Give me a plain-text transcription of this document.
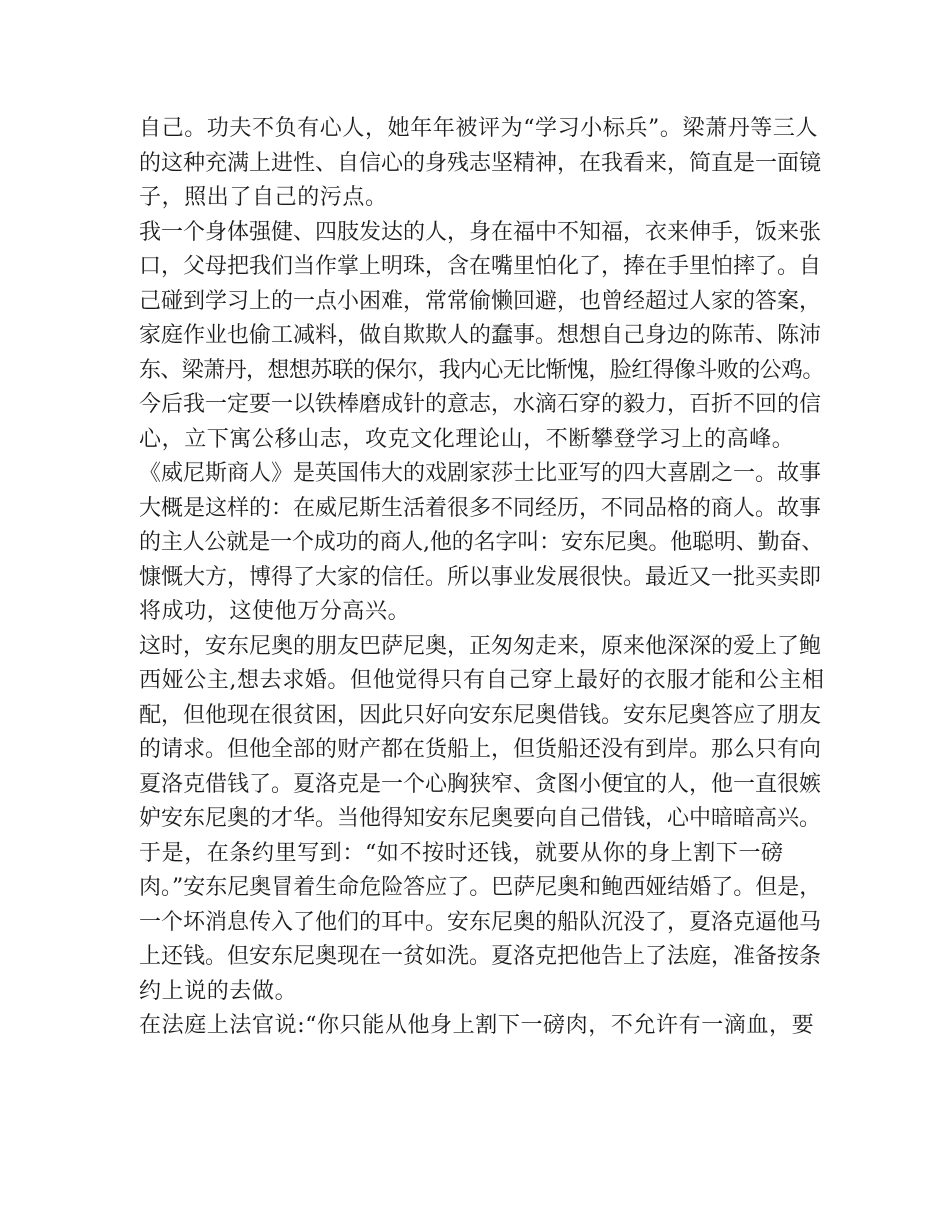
自己。功夫不负有心人，她年年被评为“学习小标兵”。梁萧丹等三人
的这种充满上进性、自信心的身残志坚精神，在我看来，简直是一面镜
子，照出了自己的污点。

我一个身体强健、四肢发达的人，身在福中不知福，衣来伸手，饭来张
口，父母把我们当作掌上明珠，含在嘴里怕化了，捧在手里怕摔了。自
己碰到学习上的一点小困难，常常偷懒回避，也曾经超过人家的答案，
家庭作业也偷工减料，做自欺欺人的蠢事。想想自己身边的陈芾、陈沛
东、梁萧丹，想想苏联的保尔，我内心无比惭愧，脸红得像斗败的公鸡。
今后我一定要一以铁棒磨成针的意志，水滴石穿的毅力，百折不回的信
心，立下寓公移山志，攻克文化理论山，不断攀登学习上的高峰。

《威尼斯商人》是英国伟大的戏剧家莎士比亚写的四大喜剧之一。故事
大概是这样的：在威尼斯生活着很多不同经历，不同品格的商人。故事
的主人公就是一个成功的商人,他的名字叫：安东尼奥。他聪明、勤奋、
慷慨大方，博得了大家的信任。所以事业发展很快。最近又一批买卖即
将成功，这使他万分高兴。

这时，安东尼奥的朋友巴萨尼奥，正匆匆走来，原来他深深的爱上了鲍
西娅公主,想去求婚。但他觉得只有自己穿上最好的衣服才能和公主相
配，但他现在很贫困，因此只好向安东尼奥借钱。安东尼奥答应了朋友
的请求。但他全部的财产都在货船上，但货船还没有到岸。那么只有向
夏洛克借钱了。夏洛克是一个心胸狭窄、贪图小便宜的人，他一直很嫉
妒安东尼奥的才华。当他得知安东尼奥要向自己借钱，心中暗暗高兴。
于是，在条约里写到：“如不按时还钱，就要从你的身上割下一磅
肉。”安东尼奥冒着生命危险答应了。巴萨尼奥和鲍西娅结婚了。但是，
一个坏消息传入了他们的耳中。安东尼奥的船队沉没了，夏洛克逼他马
上还钱。但安东尼奥现在一贫如洗。夏洛克把他告上了法庭，准备按条
约上说的去做。

在法庭上法官说:“你只能从他身上割下一磅肉，不允许有一滴血，要
